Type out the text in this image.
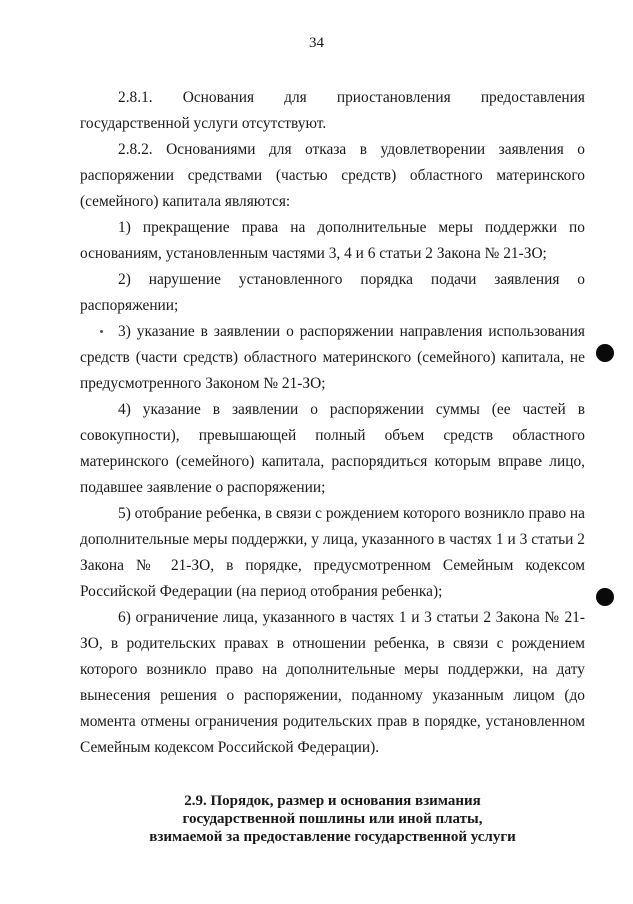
34

2.8.1. Основания для приостановления предоставления государственной услуги отсутствуют.

2.8.2. Основаниями для отказа в удовлетворении заявления о распоряжении средствами (частью средств) областного материнского (семейного) капитала являются:

1) прекращение права на дополнительные меры поддержки по основаниям, установленным частями 3, 4 и 6 статьи 2 Закона № 21-ЗО;

2) нарушение установленного порядка подачи заявления о распоряжении;

3) указание в заявлении о распоряжении направления использования средств (части средств) областного материнского (семейного) капитала, не предусмотренного Законом № 21-ЗО;

4) указание в заявлении о распоряжении суммы (ее частей в совокупности), превышающей полный объем средств областного материнского (семейного) капитала, распорядиться которым вправе лицо, подавшее заявление о распоряжении;

5) отобрание ребенка, в связи с рождением которого возникло право на дополнительные меры поддержки, у лица, указанного в частях 1 и 3 статьи 2 Закона № 21-ЗО, в порядке, предусмотренном Семейным кодексом Российской Федерации (на период отобрания ребенка);

6) ограничение лица, указанного в частях 1 и 3 статьи 2 Закона № 21-ЗО, в родительских правах в отношении ребенка, в связи с рождением которого возникло право на дополнительные меры поддержки, на дату вынесения решения о распоряжении, поданному указанным лицом (до момента отмены ограничения родительских прав в порядке, установленном Семейным кодексом Российской Федерации).

2.9. Порядок, размер и основания взимания
государственной пошлины или иной платы,
взимаемой за предоставление государственной услуги
